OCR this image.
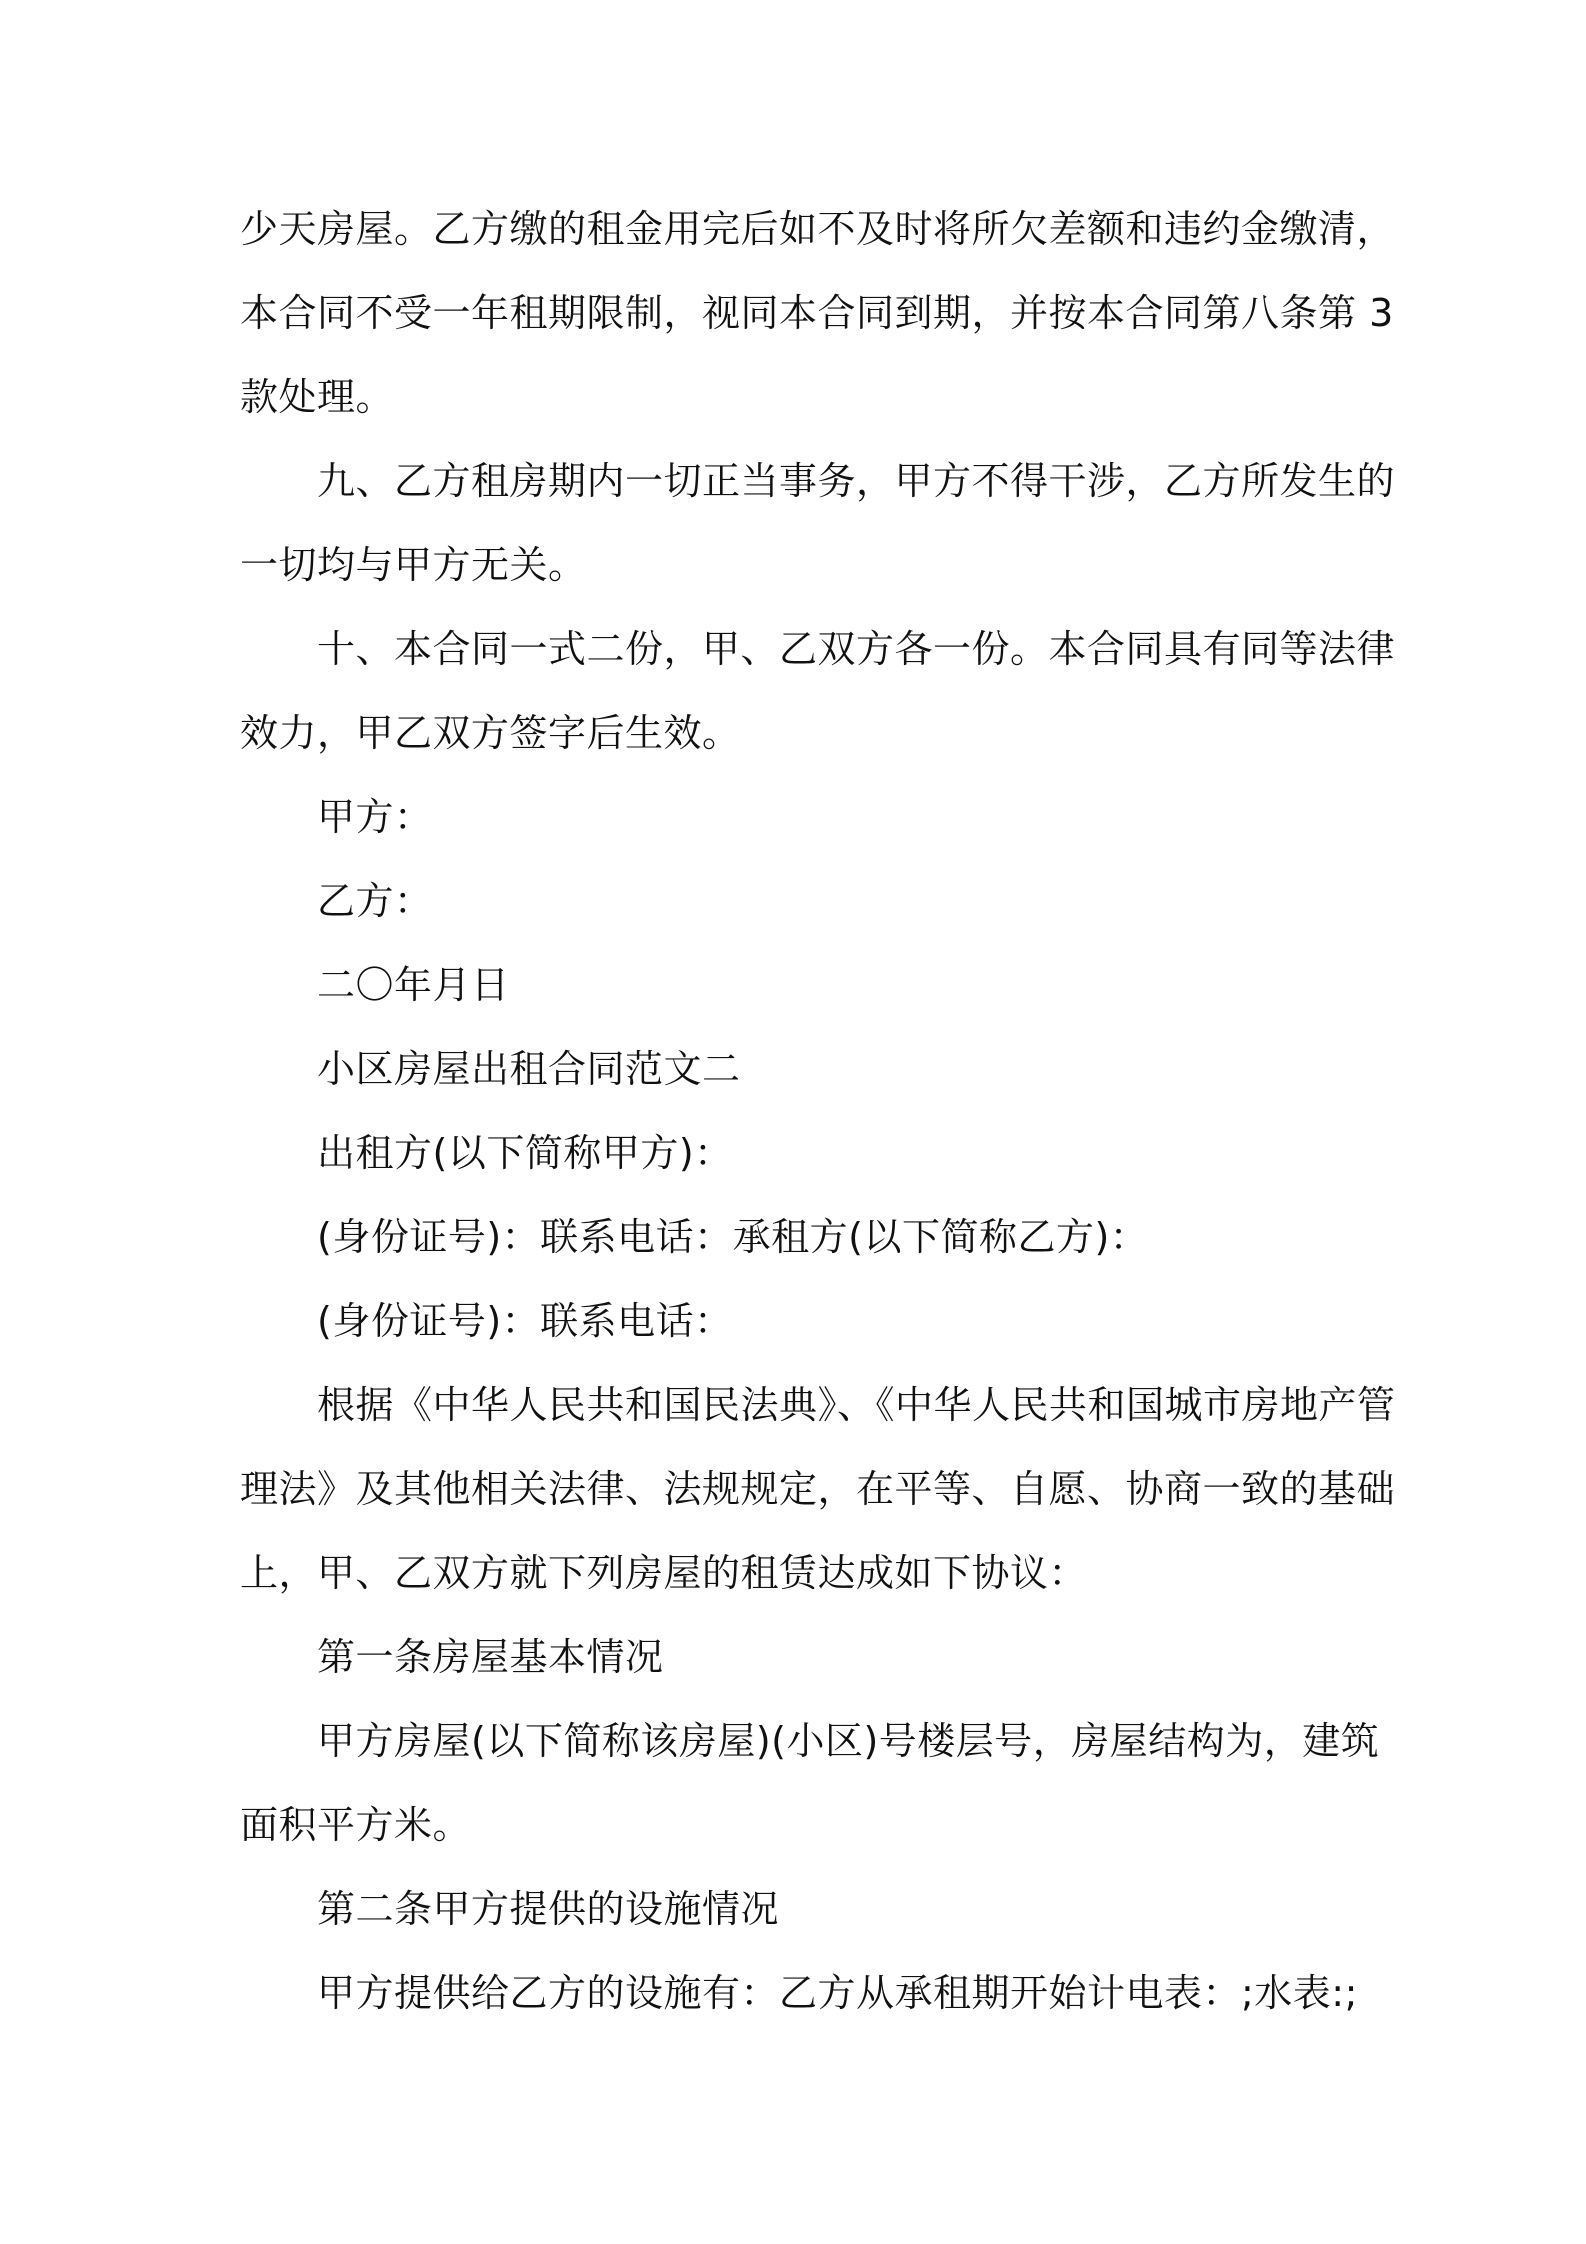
少天房屋。乙方缴的租金用完后如不及时将所欠差额和违约金缴清，
本合同不受一年租期限制，视同本合同到期，并按本合同第八条第 3
款处理。
九、乙方租房期内一切正当事务，甲方不得干涉，乙方所发生的
一切均与甲方无关。
十、本合同一式二份，甲、乙双方各一份。本合同具有同等法律
效力，甲乙双方签字后生效。
甲方：
乙方：
二〇年月日
小区房屋出租合同范文二
出租方(以下简称甲方)：
(身份证号)：联系电话：承租方(以下简称乙方)：
(身份证号)：联系电话：
根据《中华人民共和国民法典》、《中华人民共和国城市房地产管
理法》及其他相关法律、法规规定，在平等、自愿、协商一致的基础
上，甲、乙双方就下列房屋的租赁达成如下协议：
第一条房屋基本情况
甲方房屋(以下简称该房屋)(小区)号楼层号，房屋结构为，建筑
面积平方米。
第二条甲方提供的设施情况
甲方提供给乙方的设施有：乙方从承租期开始计电表：;水表:;
